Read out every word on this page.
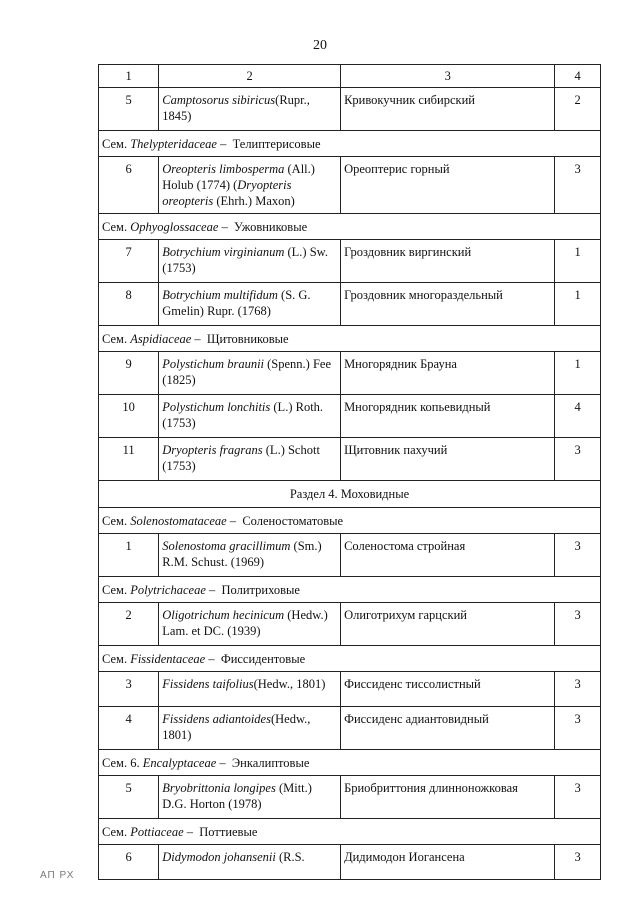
20
1	2	3	4
5	Camptosorus sibiricus(Rupr., 1845)	Кривокучник сибирский	2
Сем. Thelypteridaceae –  Телиптерисовые			
6	Oreopteris limbosperma (All.) Holub (1774) (Dryopteris oreopteris (Ehrh.) Maxon)	Ореоптерис горный	3
Сем. Ophyoglossaceae –  Ужовниковые			
7	Botrychium virginianum (L.) Sw. (1753)	Гроздовник виргинский	1
8	Botrychium multifidum (S. G. Gmelin) Rupr. (1768)	Гроздовник многораздельный	1
Сем. Aspidiaceae –  Щитовниковые			
9	Polystichum braunii (Spenn.) Fee (1825)	Многорядник Брауна	1
10	Polystichum lonchitis (L.) Roth. (1753)	Многорядник копьевидный	4
11	Dryopteris fragrans (L.) Schott (1753)	Щитовник пахучий	3
Раздел 4. Моховидные			
Сем. Solenostomataceae –  Соленостоматовые			
1	Solenostoma gracillimum (Sm.) R.M. Schust. (1969)	Соленостома стройная	3
Сем. Polytrichaceae –  Политриховые			
2	Oligotrichum hecinicum (Hedw.) Lam. et DC. (1939)	Олиготрихум гарцский	3
Сем. Fissidentaceae –  Фиссидентовые			
3	Fissidens taifolius(Hedw., 1801)	Фиссиденс тиссолистный	3
4	Fissidens adiantoides(Hedw., 1801)	Фиссиденс адиантовидный	3
Сем. 6. Encalyptaceae –  Энкалиптовые			
5	Bryobrittonia longipes (Mitt.) D.G. Horton (1978)	Бриобриттония длинноножковая	3
Сем. Pottiaceae –  Поттиевые			
6	Didymodon johansenii (R.S.	Дидимодон Иогансена	3
АП РХ
